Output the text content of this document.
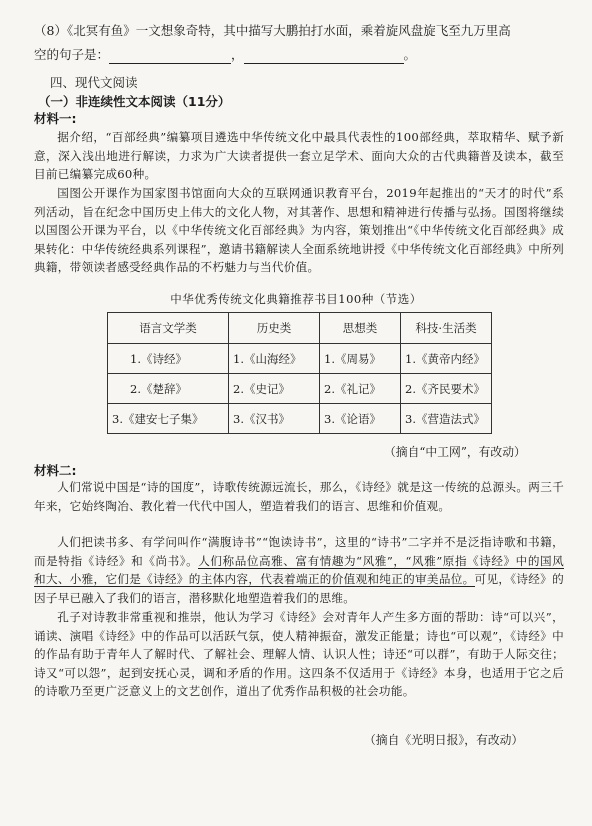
（8）《北冥有鱼》一文想象奇特，其中描写大鹏拍打水面，乘着旋风盘旋飞至九万里高
空的句子是：	，	。
四、现代文阅读
（一）非连续性文本阅读（11分）
材料一:
据介绍，“百部经典”编纂项目遴选中华传统文化中最具代表性的100部经典，萃取精华、赋予新意，深入浅出地进行解读，力求为广大读者提供一套立足学术、面向大众的古代典籍普及读本，截至目前已编纂完成60种。
国图公开课作为国家图书馆面向大众的互联网通识教育平台，2019年起推出的“天才的时代”系列活动，旨在纪念中国历史上伟大的文化人物，对其著作、思想和精神进行传播与弘扬。国图将继续以国图公开课为平台，以《中华传统文化百部经典》为内容，策划推出“《中华传统文化百部经典》成果转化：中华传统经典系列课程”，邀请书籍解读人全面系统地讲授《中华传统文化百部经典》中所列典籍，带领读者感受经典作品的不朽魅力与当代价值。
中华优秀传统文化典籍推荐书目100种（节选）
语言文学类	历史类	思想类	科技·生活类
1.《诗经》	1.《山海经》	1.《周易》	1.《黄帝内经》
2.《楚辞》	2.《史记》	2.《礼记》	2.《齐民要术》
3.《建安七子集》	3.《汉书》	3.《论语》	3.《营造法式》
（摘自“中工网”，有改动）
材料二:
人们常说中国是“诗的国度”，诗歌传统源远流长，那么，《诗经》就是这一传统的总源头。两三千年来，它始终陶冶、教化着一代代中国人，塑造着我们的语言、思维和价值观。
人们把读书多、有学问叫作“满腹诗书”“饱读诗书”，这里的“诗书”二字并不是泛指诗歌和书籍，而是特指《诗经》和《尚书》。人们称品位高雅、富有情趣为“风雅”，“风雅”原指《诗经》中的国风和大、小雅，它们是《诗经》的主体内容，代表着端正的价值观和纯正的审美品位。可见，《诗经》的因子早已融入了我们的语言，潜移默化地塑造着我们的思维。
孔子对诗教非常重视和推崇，他认为学习《诗经》会对青年人产生多方面的帮助：诗“可以兴”，诵读、演唱《诗经》中的作品可以活跃气氛，使人精神振奋，激发正能量；诗也“可以观”，《诗经》中的作品有助于青年人了解时代、了解社会、理解人情、认识人性；诗还“可以群”，有助于人际交往；诗又“可以怨”，起到安抚心灵，调和矛盾的作用。这四条不仅适用于《诗经》本身，也适用于它之后的诗歌乃至更广泛意义上的文艺创作，道出了优秀作品积极的社会功能。
（摘自《光明日报》，有改动）
